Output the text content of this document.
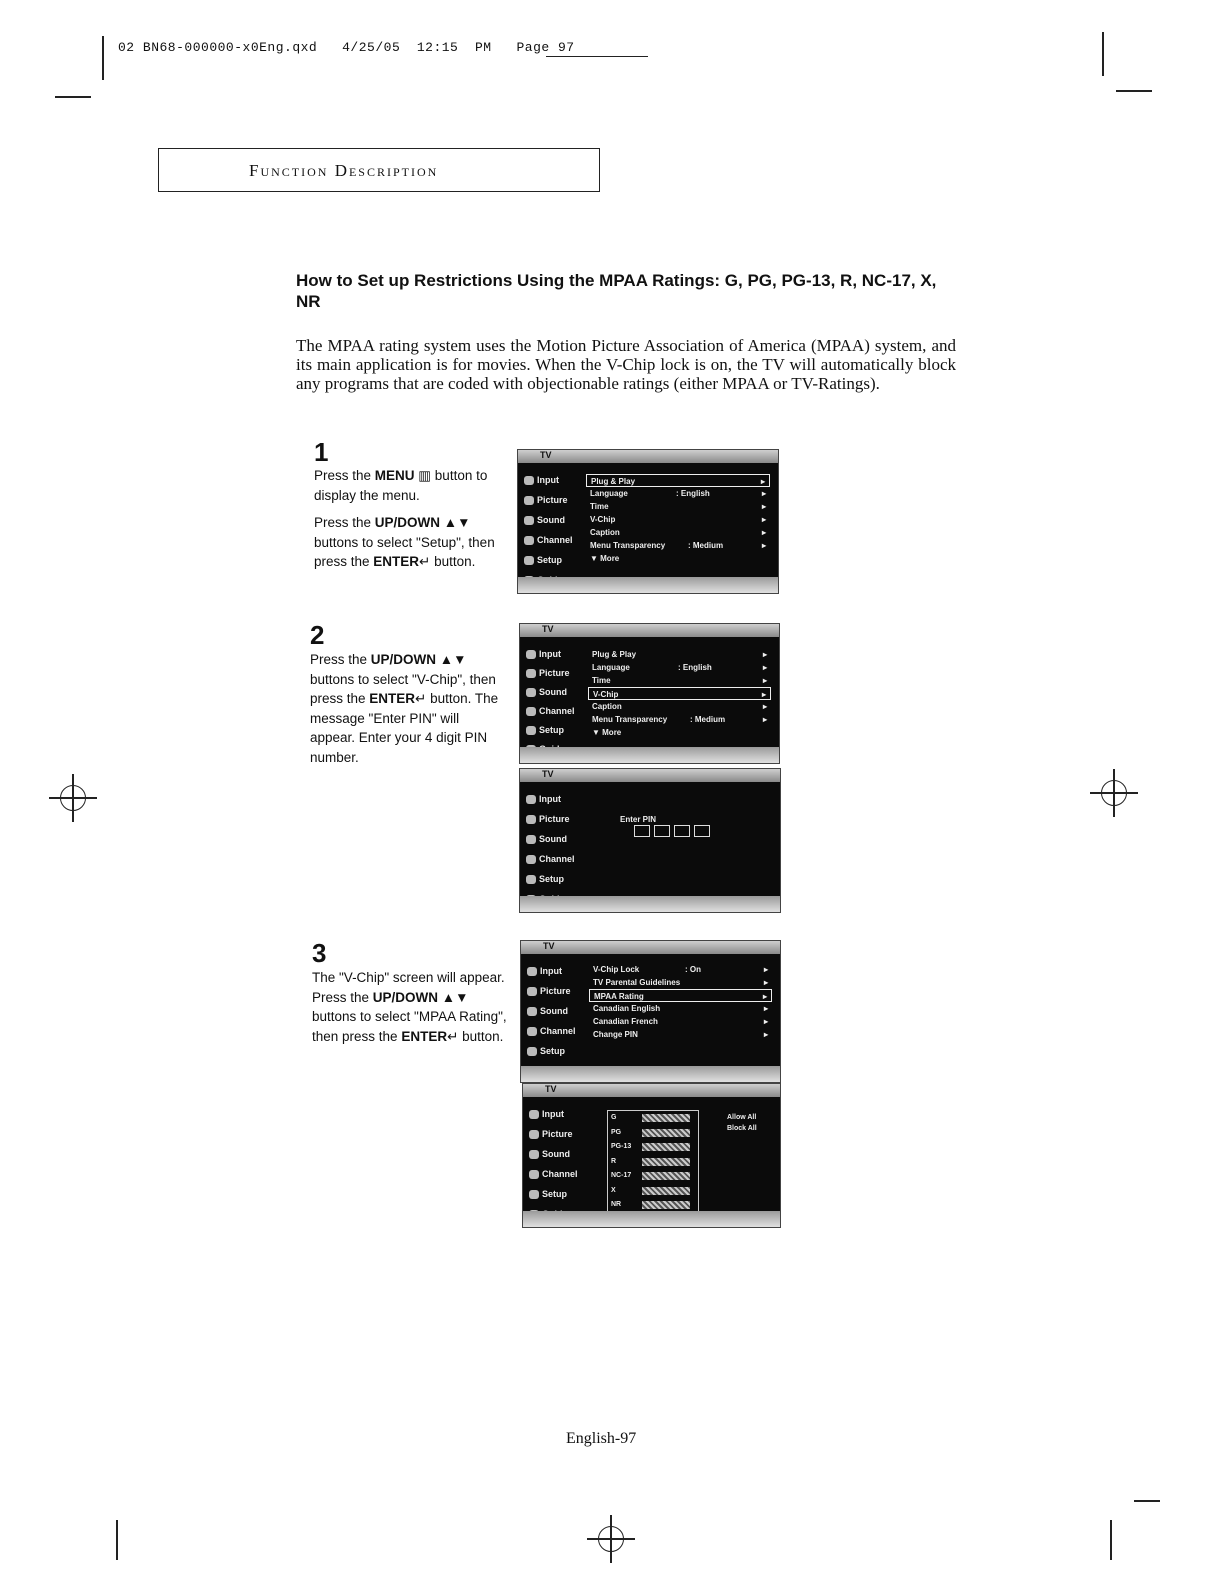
02 BN68-000000-x0Eng.qxd   4/25/05  12:15  PM   Page 97
Function Description
How to Set up Restrictions Using the MPAA Ratings: G, PG, PG-13, R, NC-17, X, NR
The MPAA rating system uses the Motion Picture Association of America (MPAA) system, and its main application is for movies. When the V-Chip lock is on, the TV will automatically block any programs that are coded with objectionable ratings (either MPAA or TV-Ratings).
1
Press the MENU ▥ button to display the menu.
Press the UP/DOWN ▲▼ buttons to select "Setup", then press the ENTER↵ button.
2
Press the UP/DOWN ▲▼ buttons to select "V-Chip", then press the ENTER↵ button. The message "Enter PIN" will appear. Enter your 4 digit PIN number.
3
The "V-Chip" screen will appear. Press the UP/DOWN ▲▼ buttons to select "MPAA Rating", then press the ENTER↵ button.
TV
Input
Picture
Sound
Channel
Setup
Plug & Play	▸
Language	: English	▸
Time	▸
V-Chip	▸
Caption	▸
Menu Transparency	: Medium	▸
▼ More
TV
Input
Picture
Sound
Channel
Setup
Plug & Play	▸
Language	: English	▸
Time	▸
V-Chip	▸
Caption	▸
Menu Transparency	: Medium	▸
▼ More
TV
Input
Picture
Sound
Channel
Setup
Enter PIN
TV
Input
Picture
Sound
Channel
Setup
V-Chip Lock	: On	▸
TV Parental Guidelines	▸
MPAA Rating	▸
Canadian English	▸
Canadian French	▸
Change PIN	▸
TV
Input
Picture
Sound
Channel
Setup
G
PG
PG-13
R
NC-17
X
NR
Allow All
Block All
English-97
